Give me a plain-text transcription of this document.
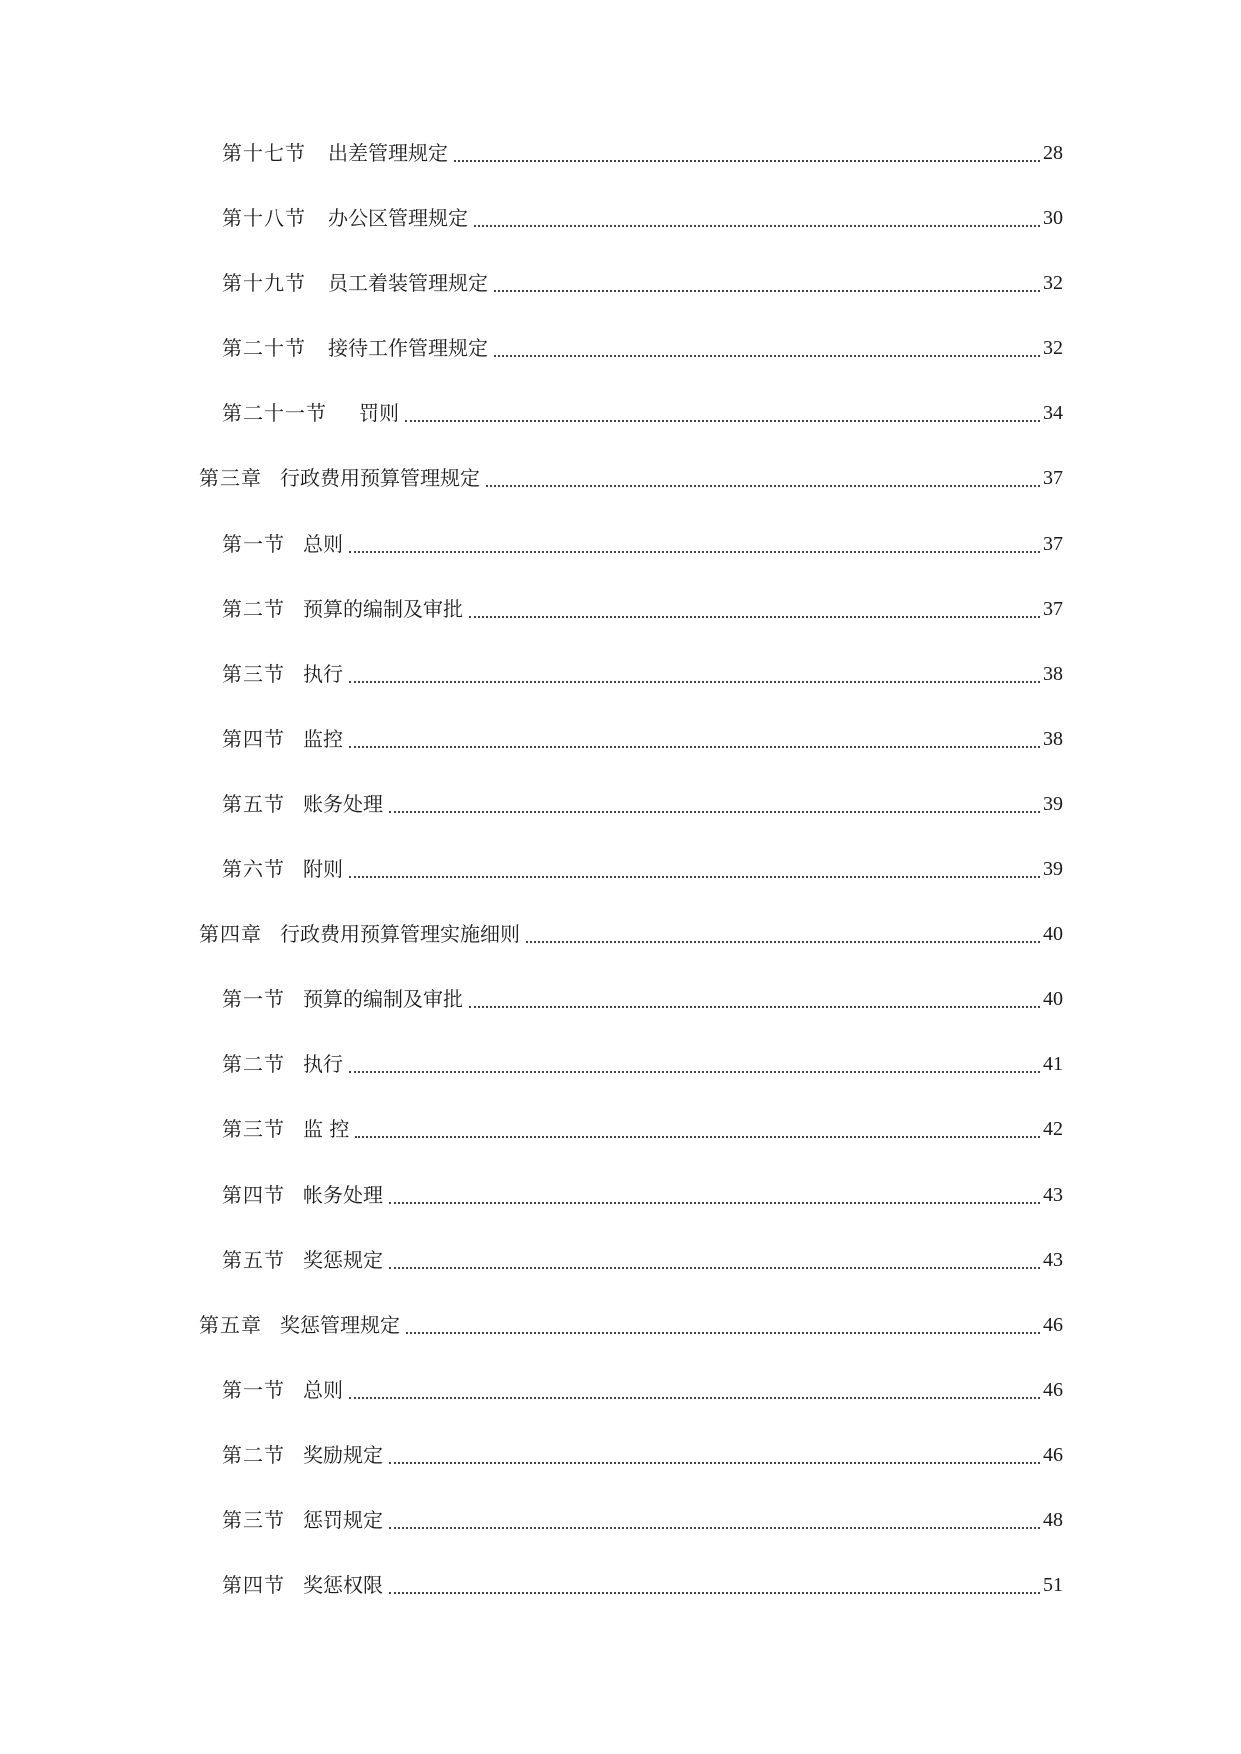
第十七节 出差管理规定	28
第十八节 办公区管理规定	30
第十九节 员工着装管理规定	32
第二十节 接待工作管理规定	32
第二十一节 罚则	34
第三章 行政费用预算管理规定	37
第一节 总则	37
第二节 预算的编制及审批	37
第三节 执行	38
第四节 监控	38
第五节 账务处理	39
第六节 附则	39
第四章 行政费用预算管理实施细则	40
第一节 预算的编制及审批	40
第二节 执行	41
第三节 监 控	42
第四节 帐务处理	43
第五节 奖惩规定	43
第五章 奖惩管理规定	46
第一节 总则	46
第二节 奖励规定	46
第三节 惩罚规定	48
第四节 奖惩权限	51
